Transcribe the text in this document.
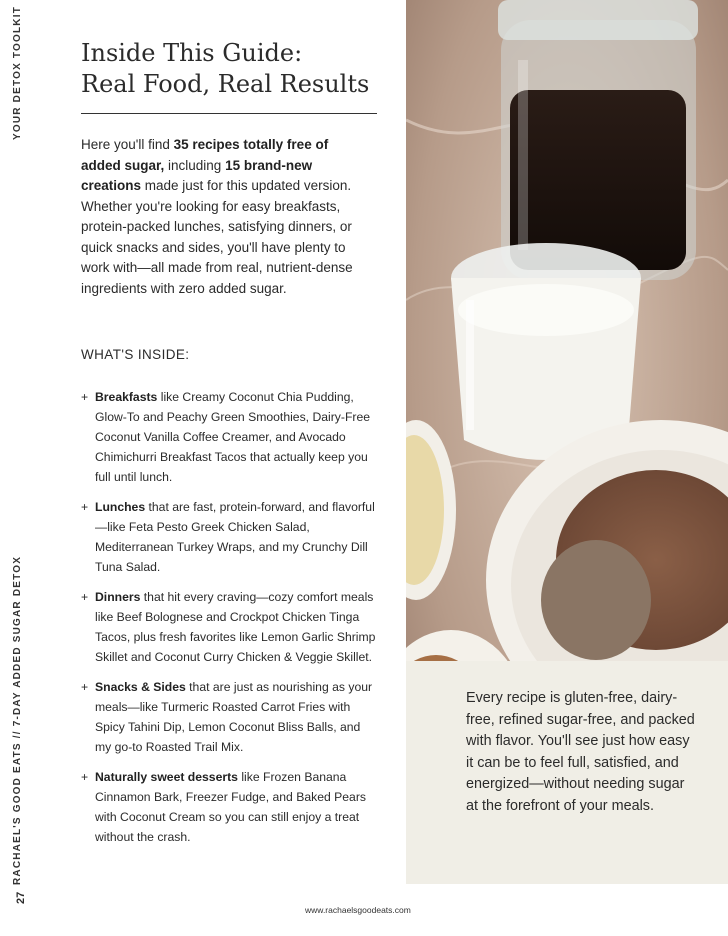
YOUR DETOX TOOLKIT
RACHAEL'S GOOD EATS // 7-DAY ADDED SUGAR DETOX
27
Inside This Guide:
Real Food, Real Results
Here you'll find 35 recipes totally free of added sugar, including 15 brand-new creations made just for this updated version. Whether you're looking for easy breakfasts, protein-packed lunches, satisfying dinners, or quick snacks and sides, you'll have plenty to work with—all made from real, nutrient-dense ingredients with zero added sugar.
WHAT'S INSIDE:
+ Breakfasts like Creamy Coconut Chia Pudding, Glow-To and Peachy Green Smoothies, Dairy-Free Coconut Vanilla Coffee Creamer, and Avocado Chimichurri Breakfast Tacos that actually keep you full until lunch.
+ Lunches that are fast, protein-forward, and flavorful—like Feta Pesto Greek Chicken Salad, Mediterranean Turkey Wraps, and my Crunchy Dill Tuna Salad.
+ Dinners that hit every craving—cozy comfort meals like Beef Bolognese and Crockpot Chicken Tinga Tacos, plus fresh favorites like Lemon Garlic Shrimp Skillet and Coconut Curry Chicken & Veggie Skillet.
+ Snacks & Sides that are just as nourishing as your meals—like Turmeric Roasted Carrot Fries with Spicy Tahini Dip, Lemon Coconut Bliss Balls, and my go-to Roasted Trail Mix.
+ Naturally sweet desserts like Frozen Banana Cinnamon Bark, Freezer Fudge, and Baked Pears with Coconut Cream so you can still enjoy a treat without the crash.
www.rachaelsgoodeats.com
Every recipe is gluten-free, dairy-free, refined sugar-free, and packed with flavor. You'll see just how easy it can be to feel full, satisfied, and energized—without needing sugar at the forefront of your meals.
